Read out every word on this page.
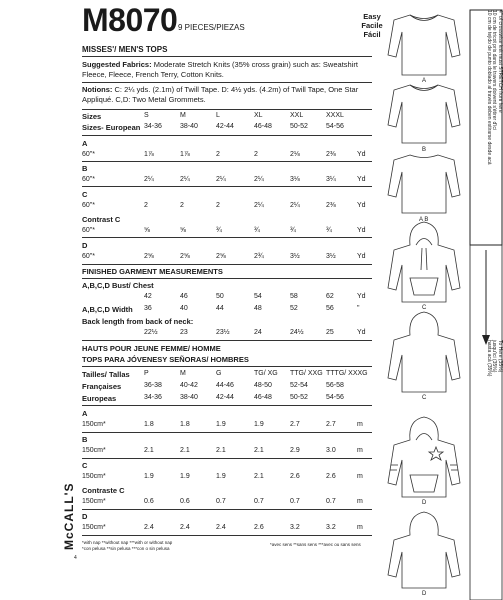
M8070 9 PIECES/PIEZAS
Easy
Facile
Fácil
MISSES'/ MEN'S TOPS
Suggested Fabrics: Moderate Stretch Knits (35% cross grain) such as: Sweatshirt Fleece, Fleece, French Terry, Cotton Knits.
Notions: C: 2¼ yds. (2.1m) of Twill Tape. D: 4½ yds. (4.2m) of Twill Tape, One Star Appliqué. C,D: Two Metal Grommets.
Sizes	S	M	L	XL	XXL	XXXL
Sizes- European 34-36	38-40	42-44	46-48	50-52	54-56
A
60"*	1⅞	1⅞	2	2	2⅛	2⅜	Yd
B
60"*	2¼	2¼	2¼	2¼	3⅛	3¼	Yd
C
60"*	2	2	2	2¼	2¼	2⅜	Yd
Contrast C
60"*	⅝	⅝	¾	¾	¾	¾	Yd
D
60"*	2⅝	2⅝	2⅝	2¾	3½	3½	Yd
FINISHED GARMENT MEASUREMENTS
A,B,C,D Bust/ Chest
42	46	50	54	58	62	Yd
A,B,C,D Width 36	40	44	48	52	56	"
Back length from back of neck:
22½	23	23½	24	24½	25	Yd
HAUTS POUR JEUNE FEMME/ HOMME
TOPS PARA JÓVENESY SEÑORAS/ HOMBRES
Tailles/ Tallas P	M	G	TG/ XG TTG/ XXG TTTG/ XXXG
Françaises	36-38	40-42	44-46	48-50	52-54	56-58
Europeas	34-36	38-40	42-44	46-48	50-52	54-56
A
150cm*	1.8	1.8	1.9	1.9	2.7	2.7	m
B
150cm*	2.1	2.1	2.1	2.1	2.9	3.0	m
C
150cm*	1.9	1.9	1.9	2.1	2.6	2.6	m
Contraste C
150cm*	0.6	0.6	0.7	0.7	0.7	0.7	m
D
150cm*	2.4	2.4	2.4	2.6	3.2	3.2	m
*with nap **without nap ***with or without nap
*con pelusa **sin pelusa ***con o sin pelusa
*avec sens **sans sens ***avec ou sans sens
4
McCALL'S
4" of crosswise knit must STRETCH from here
10 cm de tricot pris dans le travers doivent s'étirer d'ici
10 cm de tejido de punto doblado al través deben estirarse desde acá
To Here (35%)
jusqu'ici (35%)
hasta acá (35%)
A
B
A B
C
C
D
D
